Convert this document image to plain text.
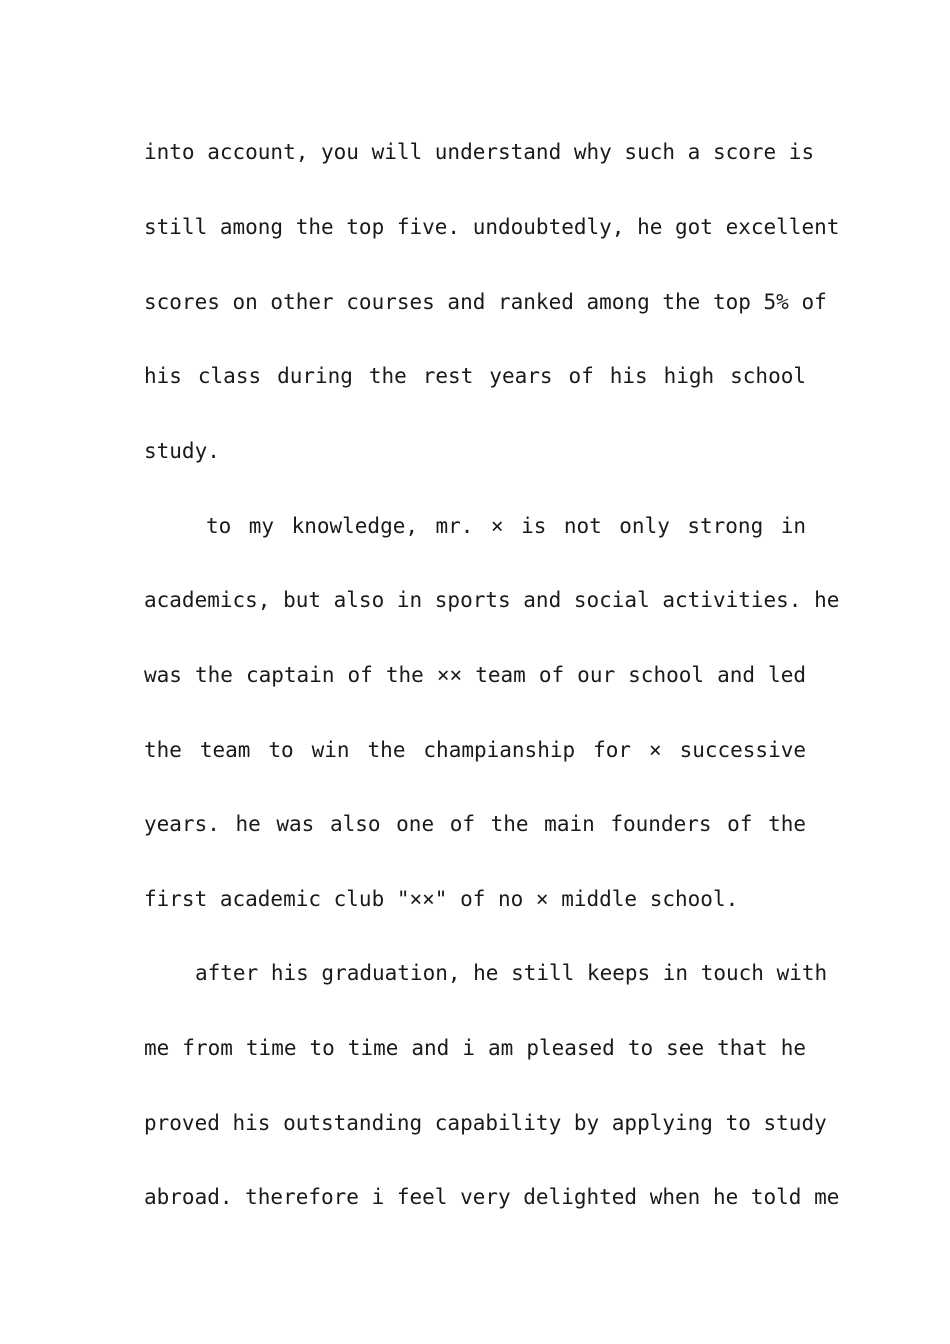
into account, you will understand why such a score is
still among the top five. undoubtedly, he got excellent
scores on other courses and ranked among the top 5% of
his class during the rest years of his high school
study.
to my knowledge, mr. × is not only strong in
academics, but also in sports and social activities. he
was the captain of the ×× team of our school and led
the team to win the champianship for × successive
years. he was also one of the main founders of the
first academic club "××" of no × middle school.
after his graduation, he still keeps in touch with
me from time to time and i am pleased to see that he
proved his outstanding capability by applying to study
abroad. therefore i feel very delighted when he told me
